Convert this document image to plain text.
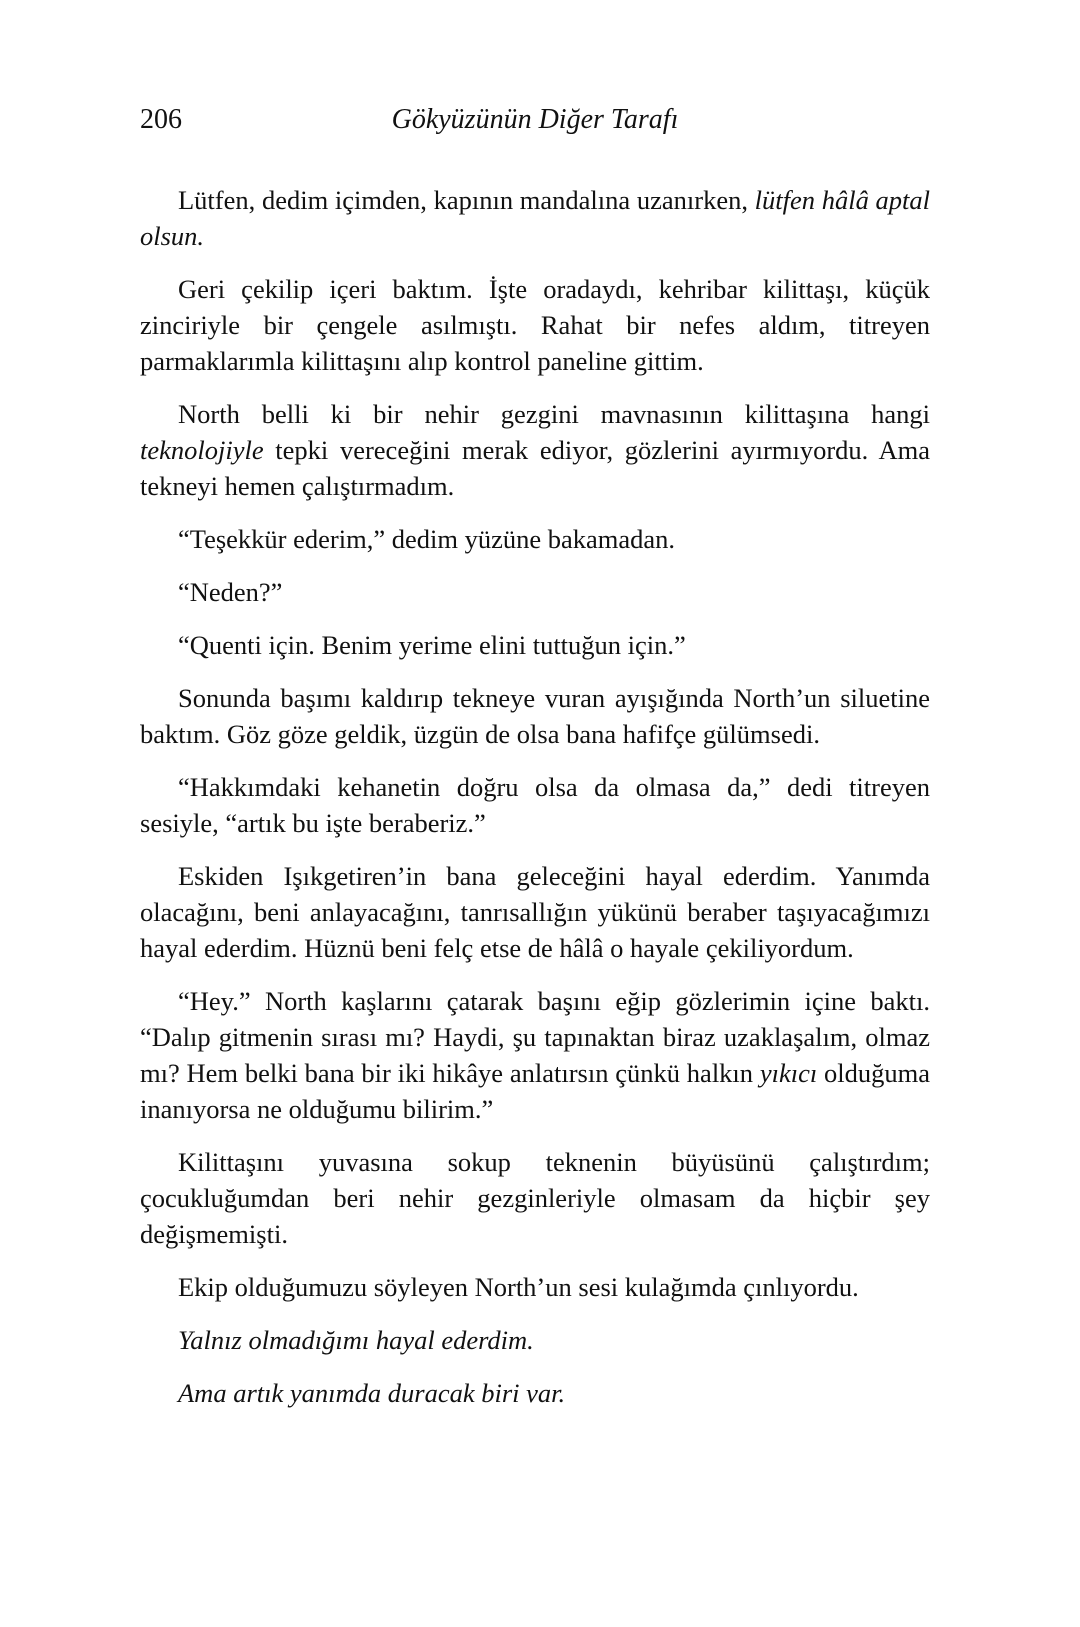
206	Gökyüzünün Diğer Tarafı

Lütfen, dedim içimden, kapının mandalına uzanırken, lütfen hâlâ aptal olsun.

Geri çekilip içeri baktım. İşte oradaydı, kehribar kilittaşı, küçük zinciriyle bir çengele asılmıştı. Rahat bir nefes aldım, titreyen parmaklarımla kilittaşını alıp kontrol paneline gittim.

North belli ki bir nehir gezgini mavnasının kilittaşına hangi teknolojiyle tepki vereceğini merak ediyor, gözlerini ayırmıyordu. Ama tekneyi hemen çalıştırmadım.

“Teşekkür ederim,” dedim yüzüne bakamadan.

“Neden?”

“Quenti için. Benim yerime elini tuttuğun için.”

Sonunda başımı kaldırıp tekneye vuran ayışığında North’un siluetine baktım. Göz göze geldik, üzgün de olsa bana hafifçe gülümsedi.

“Hakkımdaki kehanetin doğru olsa da olmasa da,” dedi titreyen sesiyle, “artık bu işte beraberiz.”

Eskiden Işıkgetiren’in bana geleceğini hayal ederdim. Yanımda olacağını, beni anlayacağını, tanrısallığın yükünü beraber taşıyacağımızı hayal ederdim. Hüznü beni felç etse de hâlâ o hayale çekiliyordum.

“Hey.” North kaşlarını çatarak başını eğip gözlerimin içine baktı. “Dalıp gitmenin sırası mı? Haydi, şu tapınaktan biraz uzaklaşalım, olmaz mı? Hem belki bana bir iki hikâye anlatırsın çünkü halkın yıkıcı olduğuma inanıyorsa ne olduğumu bilirim.”

Kilittaşını yuvasına sokup teknenin büyüsünü çalıştırdım; çocukluğumdan beri nehir gezginleriyle olmasam da hiçbir şey değişmemişti.

Ekip olduğumuzu söyleyen North’un sesi kulağımda çınlıyordu.

Yalnız olmadığımı hayal ederdim.

Ama artık yanımda duracak biri var.
